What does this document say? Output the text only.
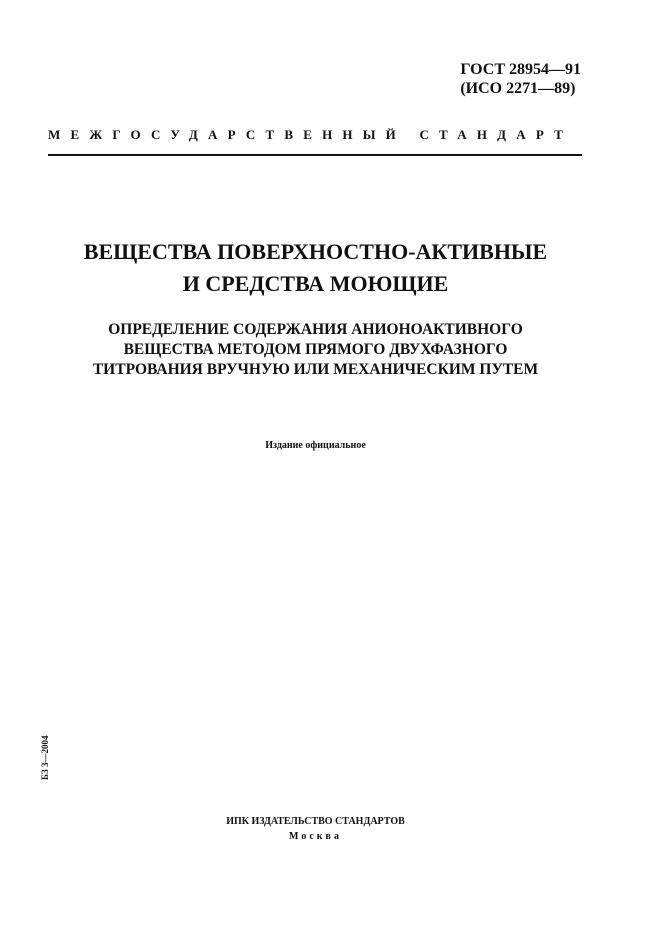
ГОСТ 28954—91
(ИСО 2271—89)
МЕЖГОСУДАРСТВЕННЫЙ СТАНДАРТ
ВЕЩЕСТВА ПОВЕРХНОСТНО-АКТИВНЫЕ
И СРЕДСТВА МОЮЩИЕ
ОПРЕДЕЛЕНИЕ СОДЕРЖАНИЯ АНИОНОАКТИВНОГО
ВЕЩЕСТВА МЕТОДОМ ПРЯМОГО ДВУХФАЗНОГО
ТИТРОВАНИЯ ВРУЧНУЮ ИЛИ МЕХАНИЧЕСКИМ ПУТЕМ
Издание официальное
БЗ 3—2004
ИПК ИЗДАТЕЛЬСТВО СТАНДАРТОВ
Москва
